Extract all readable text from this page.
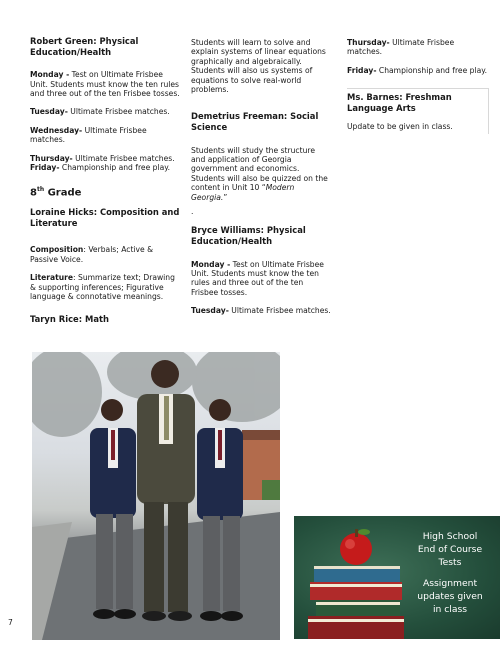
Robert Green: Physical Education/Health

Monday - Test on Ultimate Frisbee Unit. Students must know the ten rules and three out of the ten Frisbee tosses.

Tuesday- Ultimate Frisbee matches.

Wednesday- Ultimate Frisbee matches.

Thursday- Ultimate Frisbee matches.

Friday- Championship and free play.

8th Grade

Loraine Hicks: Composition and Literature

Composition: Verbals; Active & Passive Voice.

Literature: Summarize text; Drawing & supporting inferences; Figurative language & connotative meanings.

Taryn Rice: Math

Students will learn to solve and explain systems of linear equations graphically and algebraically. Students will also us systems of equations to solve real-world problems.

Demetrius Freeman: Social Science

Students will study the structure and application of Georgia government and economics. Students will also be quizzed on the content in Unit 10 “Modern Georgia.”

.

Bryce Williams: Physical Education/Health

Monday - Test on Ultimate Frisbee Unit. Students must know the ten rules and three out of the ten Frisbee tosses.

Tuesday- Ultimate Frisbee matches.

Thursday- Ultimate Frisbee matches.

Friday- Championship and free play.

Ms. Barnes: Freshman Language Arts

Update to be given in class.

7
High School
End of Course
Tests
Assignment
updates given
in class
